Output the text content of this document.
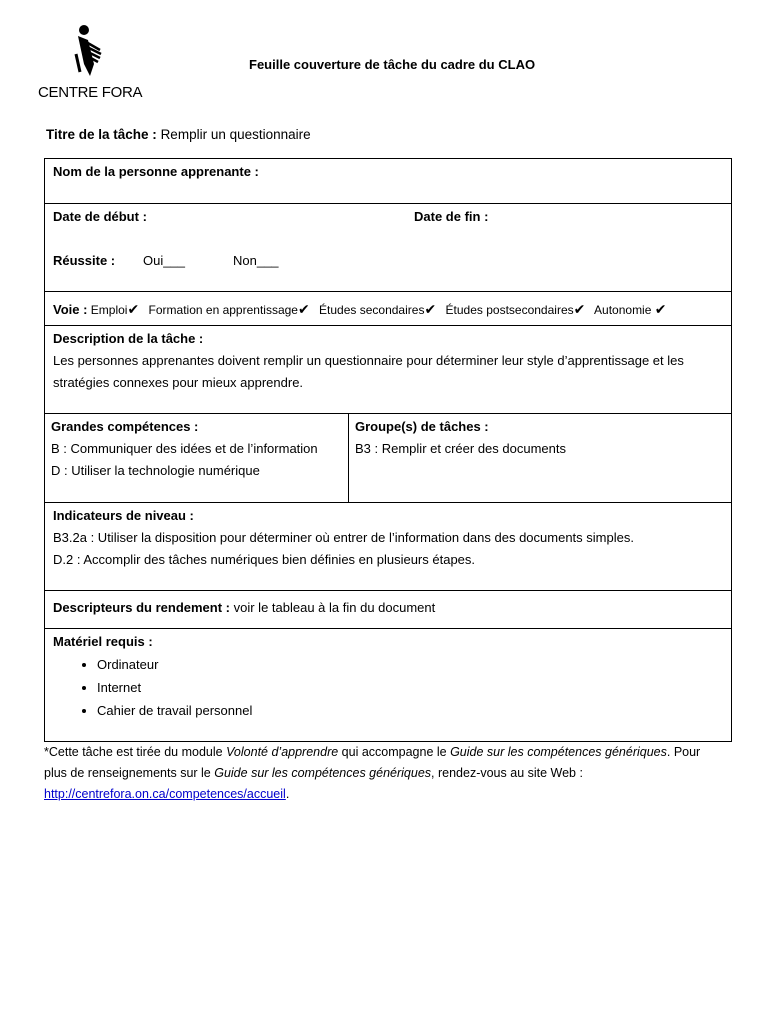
CENTRE FORA
Feuille couverture de tâche du cadre du CLAO
Titre de la tâche : Remplir un questionnaire
Nom de la personne apprenante :
Date de début :	Date de fin :
Réussite : Oui___	Non___
Voie : Emploi✔ Formation en apprentissage✔ Études secondaires✔ Études postsecondaires✔ Autonomie ✔
Description de la tâche :
Les personnes apprenantes doivent remplir un questionnaire pour déterminer leur style d’apprentissage et les stratégies connexes pour mieux apprendre.
Grandes compétences :
B : Communiquer des idées et de l’information
D : Utiliser la technologie numérique
Groupe(s) de tâches :
B3 : Remplir et créer des documents
Indicateurs de niveau :
B3.2a : Utiliser la disposition pour déterminer où entrer de l’information dans des documents simples.
D.2 : Accomplir des tâches numériques bien définies en plusieurs étapes.
Descripteurs du rendement : voir le tableau à la fin du document
Matériel requis :
• Ordinateur
• Internet
• Cahier de travail personnel
*Cette tâche est tirée du module Volonté d’apprendre qui accompagne le Guide sur les compétences génériques. Pour plus de renseignements sur le Guide sur les compétences génériques, rendez-vous au site Web : http://centrefora.on.ca/competences/accueil.
